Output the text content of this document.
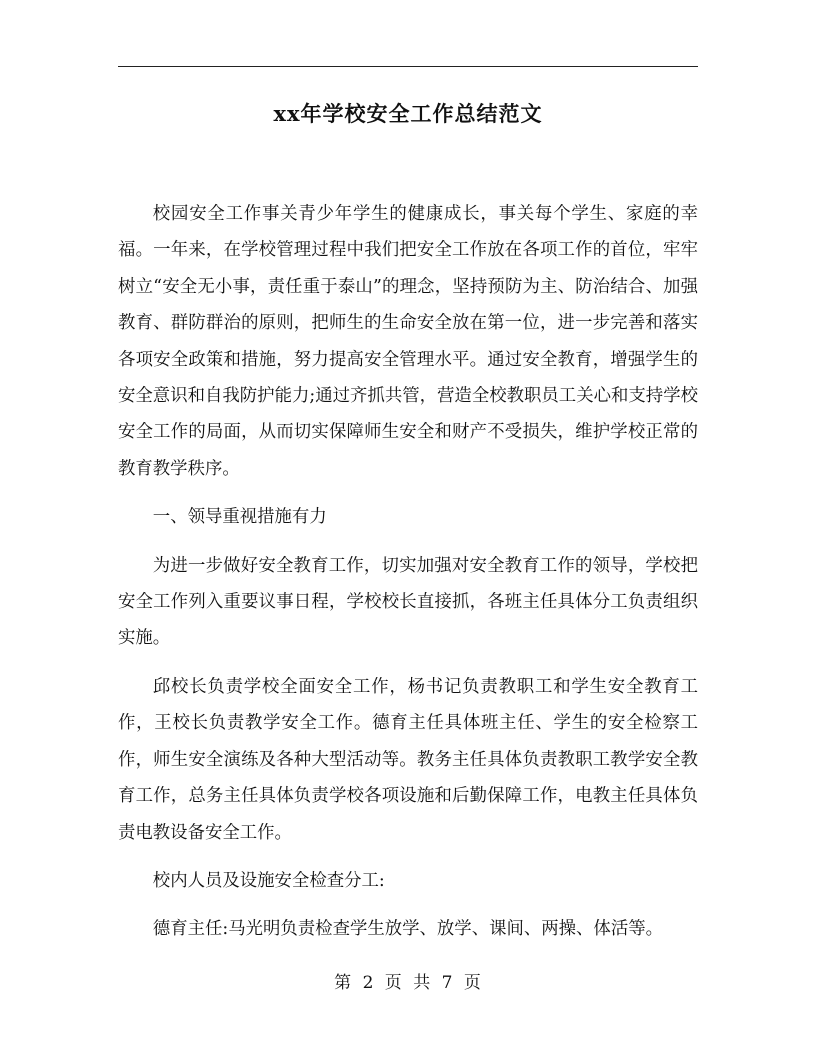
xx年学校安全工作总结范文

校园安全工作事关青少年学生的健康成长，事关每个学生、家庭的幸福。一年来，在学校管理过程中我们把安全工作放在各项工作的首位，牢牢树立“安全无小事，责任重于泰山”的理念，坚持预防为主、防治结合、加强教育、群防群治的原则，把师生的生命安全放在第一位，进一步完善和落实各项安全政策和措施，努力提高安全管理水平。通过安全教育，增强学生的安全意识和自我防护能力;通过齐抓共管，营造全校教职员工关心和支持学校安全工作的局面，从而切实保障师生安全和财产不受损失，维护学校正常的教育教学秩序。

一、领导重视措施有力

为进一步做好安全教育工作，切实加强对安全教育工作的领导，学校把安全工作列入重要议事日程，学校校长直接抓，各班主任具体分工负责组织实施。

邱校长负责学校全面安全工作，杨书记负责教职工和学生安全教育工作，王校长负责教学安全工作。德育主任具体班主任、学生的安全检察工作，师生安全演练及各种大型活动等。教务主任具体负责教职工教学安全教育工作，总务主任具体负责学校各项设施和后勤保障工作，电教主任具体负责电教设备安全工作。

校内人员及设施安全检查分工:

德育主任:马光明负责检查学生放学、放学、课间、两操、体活等。

第 2 页 共 7 页
